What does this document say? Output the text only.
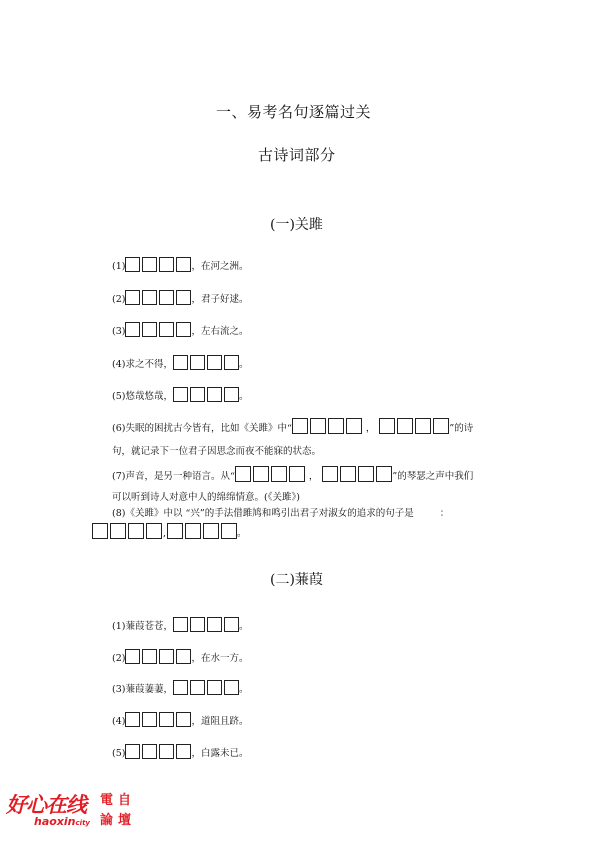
一、易考名句逐篇过关
古诗词部分
(一)关雎
(1)	，在河之洲。
(2)	，君子好逑。
(3)	，左右流之。
(4) 求之不得，	。
(5) 悠哉悠哉，	。
(6)失眠的困扰古今皆有，比如《关雎》中“	，	”的诗
句，就记录下一位君子因思念而夜不能寐的状态。
(7)声音，是另一种语言。从“	，	”的琴瑟之声中我们
可以听到诗人对意中人的绵绵情意。(《关雎》)
(8)《关雎》中以 “兴”的手法借雎鸠和鸣引出君子对淑女的追求的句子是	：
,	。
(二)蒹葭
(1) 蒹葭苍苍，	。
(2)	，在水一方。
(3) 蒹葭萋萋，	。
(4)	，道阻且跻。
(5)	，白露未已。
好心在线
haoxincity
電 自
論 壇
